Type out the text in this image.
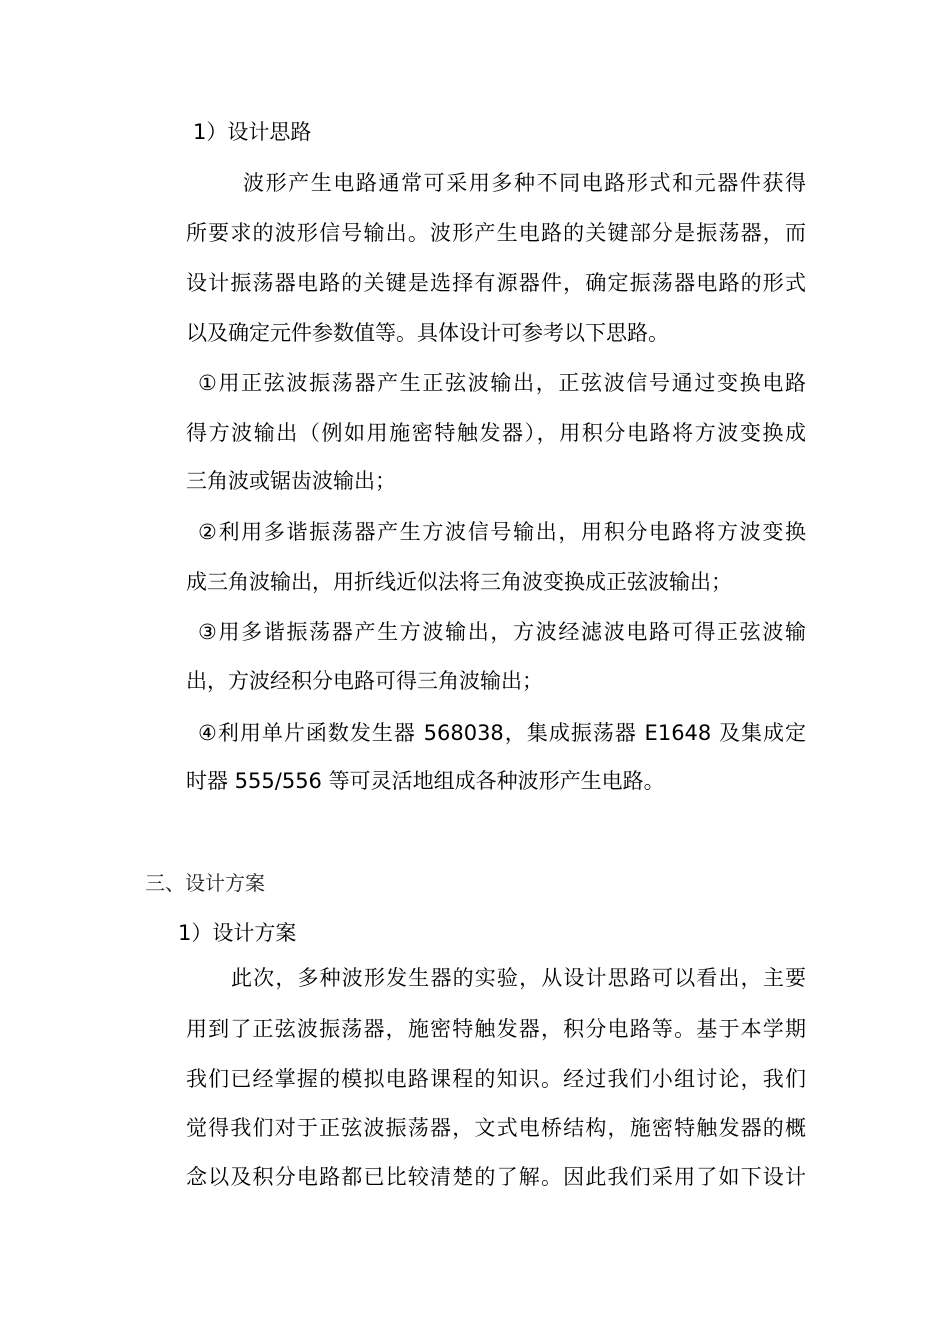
1）设计思路
波形产生电路通常可采用多种不同电路形式和元器件获得
所要求的波形信号输出。波形产生电路的关键部分是振荡器，而
设计振荡器电路的关键是选择有源器件，确定振荡器电路的形式
以及确定元件参数值等。具体设计可参考以下思路。
①用正弦波振荡器产生正弦波输出，正弦波信号通过变换电路
得方波输出（例如用施密特触发器），用积分电路将方波变换成
三角波或锯齿波输出；
②利用多谐振荡器产生方波信号输出，用积分电路将方波变换
成三角波输出，用折线近似法将三角波变换成正弦波输出；
③用多谐振荡器产生方波输出，方波经滤波电路可得正弦波输
出，方波经积分电路可得三角波输出；
④利用单片函数发生器 568038，集成振荡器 E1648 及集成定
时器 555/556 等可灵活地组成各种波形产生电路。
三、设计方案
1）设计方案
此次，多种波形发生器的实验，从设计思路可以看出，主要
用到了正弦波振荡器，施密特触发器，积分电路等。基于本学期
我们已经掌握的模拟电路课程的知识。经过我们小组讨论，我们
觉得我们对于正弦波振荡器，文式电桥结构，施密特触发器的概
念以及积分电路都已比较清楚的了解。因此我们采用了如下设计
